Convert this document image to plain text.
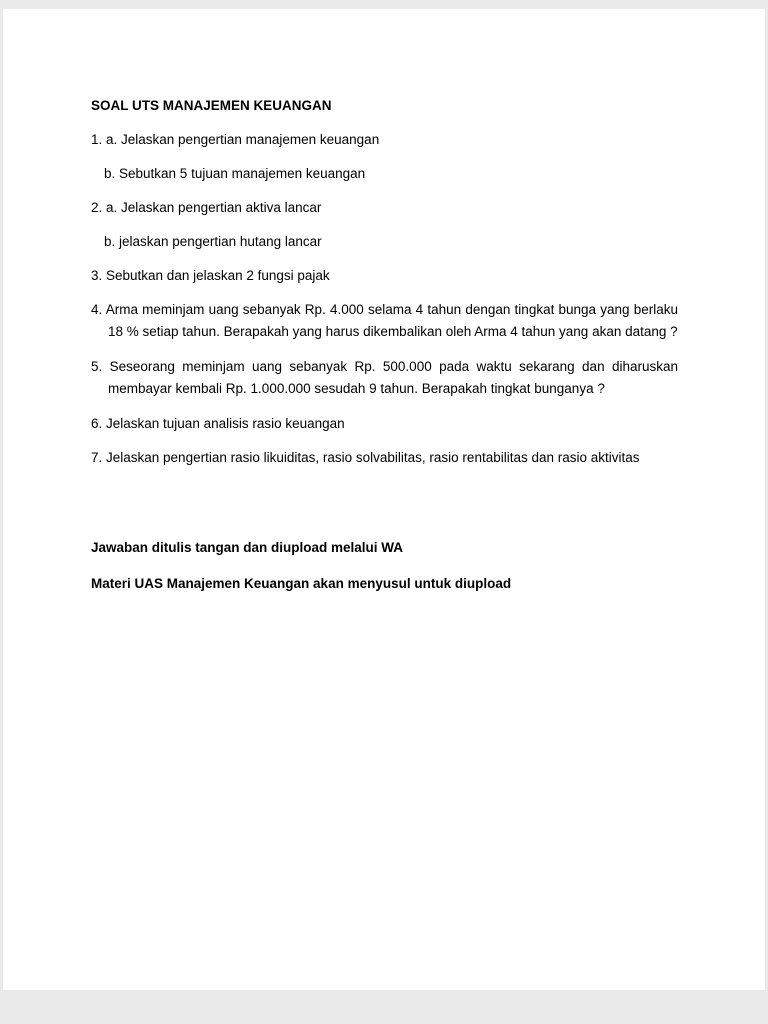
SOAL UTS MANAJEMEN KEUANGAN

1. a. Jelaskan pengertian manajemen keuangan

b. Sebutkan 5 tujuan manajemen keuangan

2. a. Jelaskan pengertian aktiva lancar

b. jelaskan pengertian hutang lancar

3. Sebutkan dan jelaskan 2 fungsi pajak

4. Arma meminjam uang sebanyak Rp. 4.000 selama 4 tahun dengan tingkat bunga yang berlaku 18 % setiap tahun. Berapakah yang harus dikembalikan oleh Arma 4 tahun yang akan datang ?

5. Seseorang meminjam uang sebanyak Rp. 500.000 pada waktu sekarang dan diharuskan membayar kembali Rp. 1.000.000 sesudah 9 tahun. Berapakah tingkat bunganya ?

6. Jelaskan tujuan analisis rasio keuangan

7. Jelaskan pengertian rasio likuiditas, rasio solvabilitas, rasio rentabilitas dan rasio aktivitas

Jawaban ditulis tangan dan diupload melalui WA

Materi UAS Manajemen Keuangan akan menyusul untuk diupload
